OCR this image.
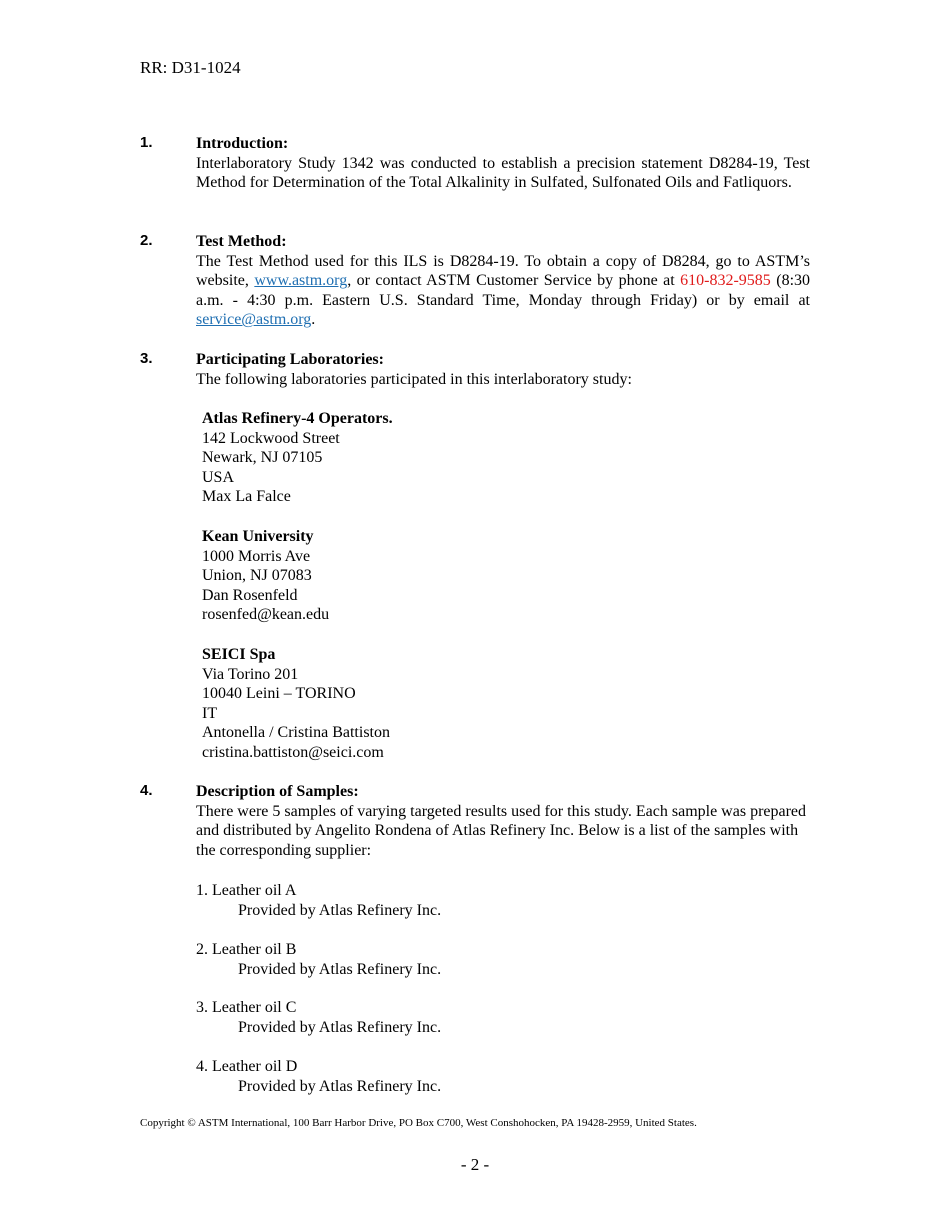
RR: D31-1024
1.	Introduction:
Interlaboratory Study 1342 was conducted to establish a precision statement D8284-19, Test Method for Determination of the Total Alkalinity in Sulfated, Sulfonated Oils and Fatliquors.
2.	Test Method:
The Test Method used for this ILS is D8284-19. To obtain a copy of D8284, go to ASTM’s website, www.astm.org, or contact ASTM Customer Service by phone at 610-832-9585 (8:30 a.m. - 4:30 p.m. Eastern U.S. Standard Time, Monday through Friday) or by email at service@astm.org.
3.	Participating Laboratories:
The following laboratories participated in this interlaboratory study:
Atlas Refinery-4 Operators.
142 Lockwood Street
Newark, NJ 07105
USA
Max La Falce
Kean University
1000 Morris Ave
Union, NJ 07083
Dan Rosenfeld
rosenfed@kean.edu
SEICI Spa
Via Torino 201
10040 Leini – TORINO
IT
Antonella / Cristina Battiston
cristina.battiston@seici.com
4.	Description of Samples:
There were 5 samples of varying targeted results used for this study. Each sample was prepared and distributed by Angelito Rondena of Atlas Refinery Inc. Below is a list of the samples with the corresponding supplier:
1. Leather oil A
Provided by Atlas Refinery Inc.
2. Leather oil B
Provided by Atlas Refinery Inc.
3. Leather oil C
Provided by Atlas Refinery Inc.
4. Leather oil D
Provided by Atlas Refinery Inc.
Copyright © ASTM International, 100 Barr Harbor Drive, PO Box C700, West Conshohocken, PA 19428-2959, United States.
- 2 -
